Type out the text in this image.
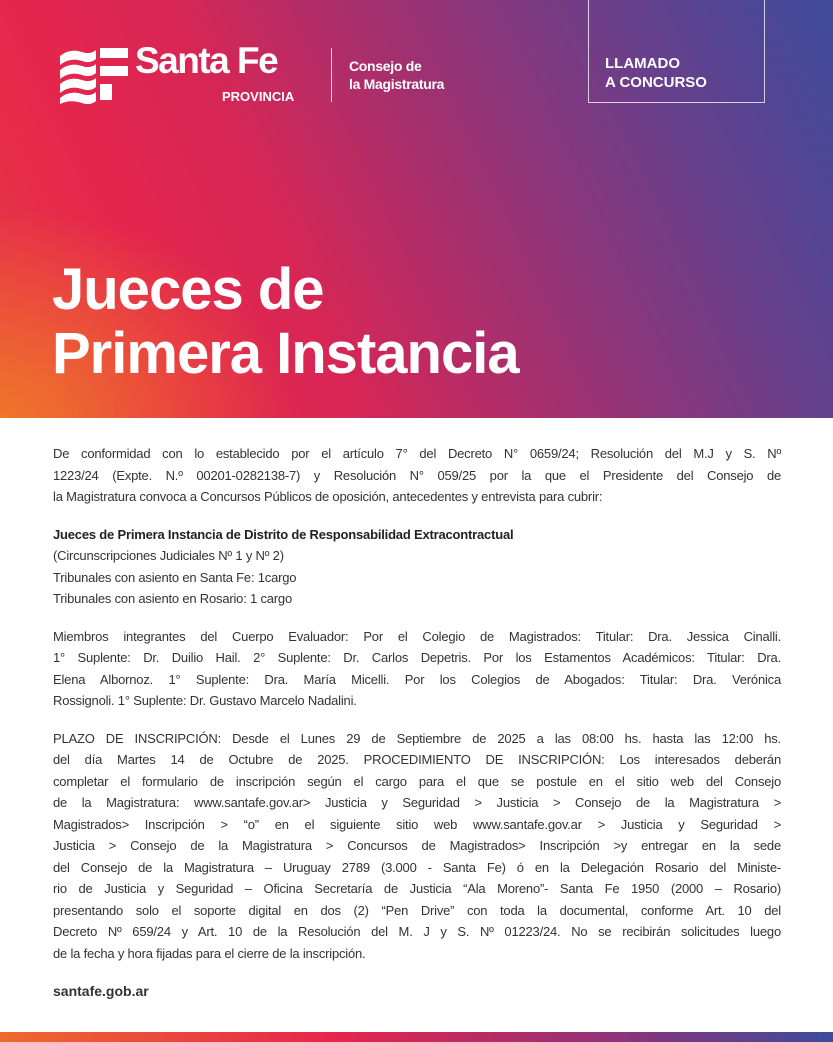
Santa Fe
PROVINCIA
Consejo de
la Magistratura
LLAMADO
A CONCURSO
Jueces de
Primera Instancia
De conformidad con lo establecido por el artículo 7° del Decreto N° 0659/24; Resolución del M.J y S. Nº
1223/24 (Expte. N.º 00201-0282138-7) y Resolución N° 059/25 por la que el Presidente del Consejo de
la Magistratura convoca a Concursos Públicos de oposición, antecedentes y entrevista para cubrir:
Jueces de Primera Instancia de Distrito de Responsabilidad Extracontractual
(Circunscripciones Judiciales Nº 1 y Nº 2)
Tribunales con asiento en Santa Fe: 1cargo
Tribunales con asiento en Rosario: 1 cargo
Miembros integrantes del Cuerpo Evaluador: Por el Colegio de Magistrados: Titular: Dra. Jessica Cinalli.
1° Suplente: Dr. Duilio Hail. 2° Suplente: Dr. Carlos Depetris. Por los Estamentos Académicos: Titular: Dra.
Elena Albornoz. 1° Suplente: Dra. María Micelli. Por los Colegios de Abogados: Titular: Dra. Verónica
Rossignoli. 1° Suplente: Dr. Gustavo Marcelo Nadalini.
PLAZO DE INSCRIPCIÓN: Desde el Lunes 29 de Septiembre de 2025 a las 08:00 hs. hasta las 12:00 hs.
del día Martes 14 de Octubre de 2025. PROCEDIMIENTO DE INSCRIPCIÓN: Los interesados deberán
completar el formulario de inscripción según el cargo para el que se postule en el sitio web del Consejo
de la Magistratura: www.santafe.gov.ar> Justicia y Seguridad > Justicia > Consejo de la Magistratura >
Magistrados> Inscripción > “o” en el siguiente sitio web www.santafe.gov.ar > Justicia y Seguridad >
Justicia > Consejo de la Magistratura > Concursos de Magistrados> Inscripción >y entregar en la sede
del Consejo de la Magistratura – Uruguay 2789 (3.000 - Santa Fe) ó en la Delegación Rosario del Ministe-
rio de Justicia y Seguridad – Oficina Secretaría de Justicia “Ala Moreno”- Santa Fe 1950 (2000 – Rosario)
presentando solo el soporte digital en dos (2) “Pen Drive” con toda la documental, conforme Art. 10 del
Decreto Nº 659/24 y Art. 10 de la Resolución del M. J y S. Nº 01223/24. No se recibirán solicitudes luego
de la fecha y hora fijadas para el cierre de la inscripción.
santafe.gob.ar
